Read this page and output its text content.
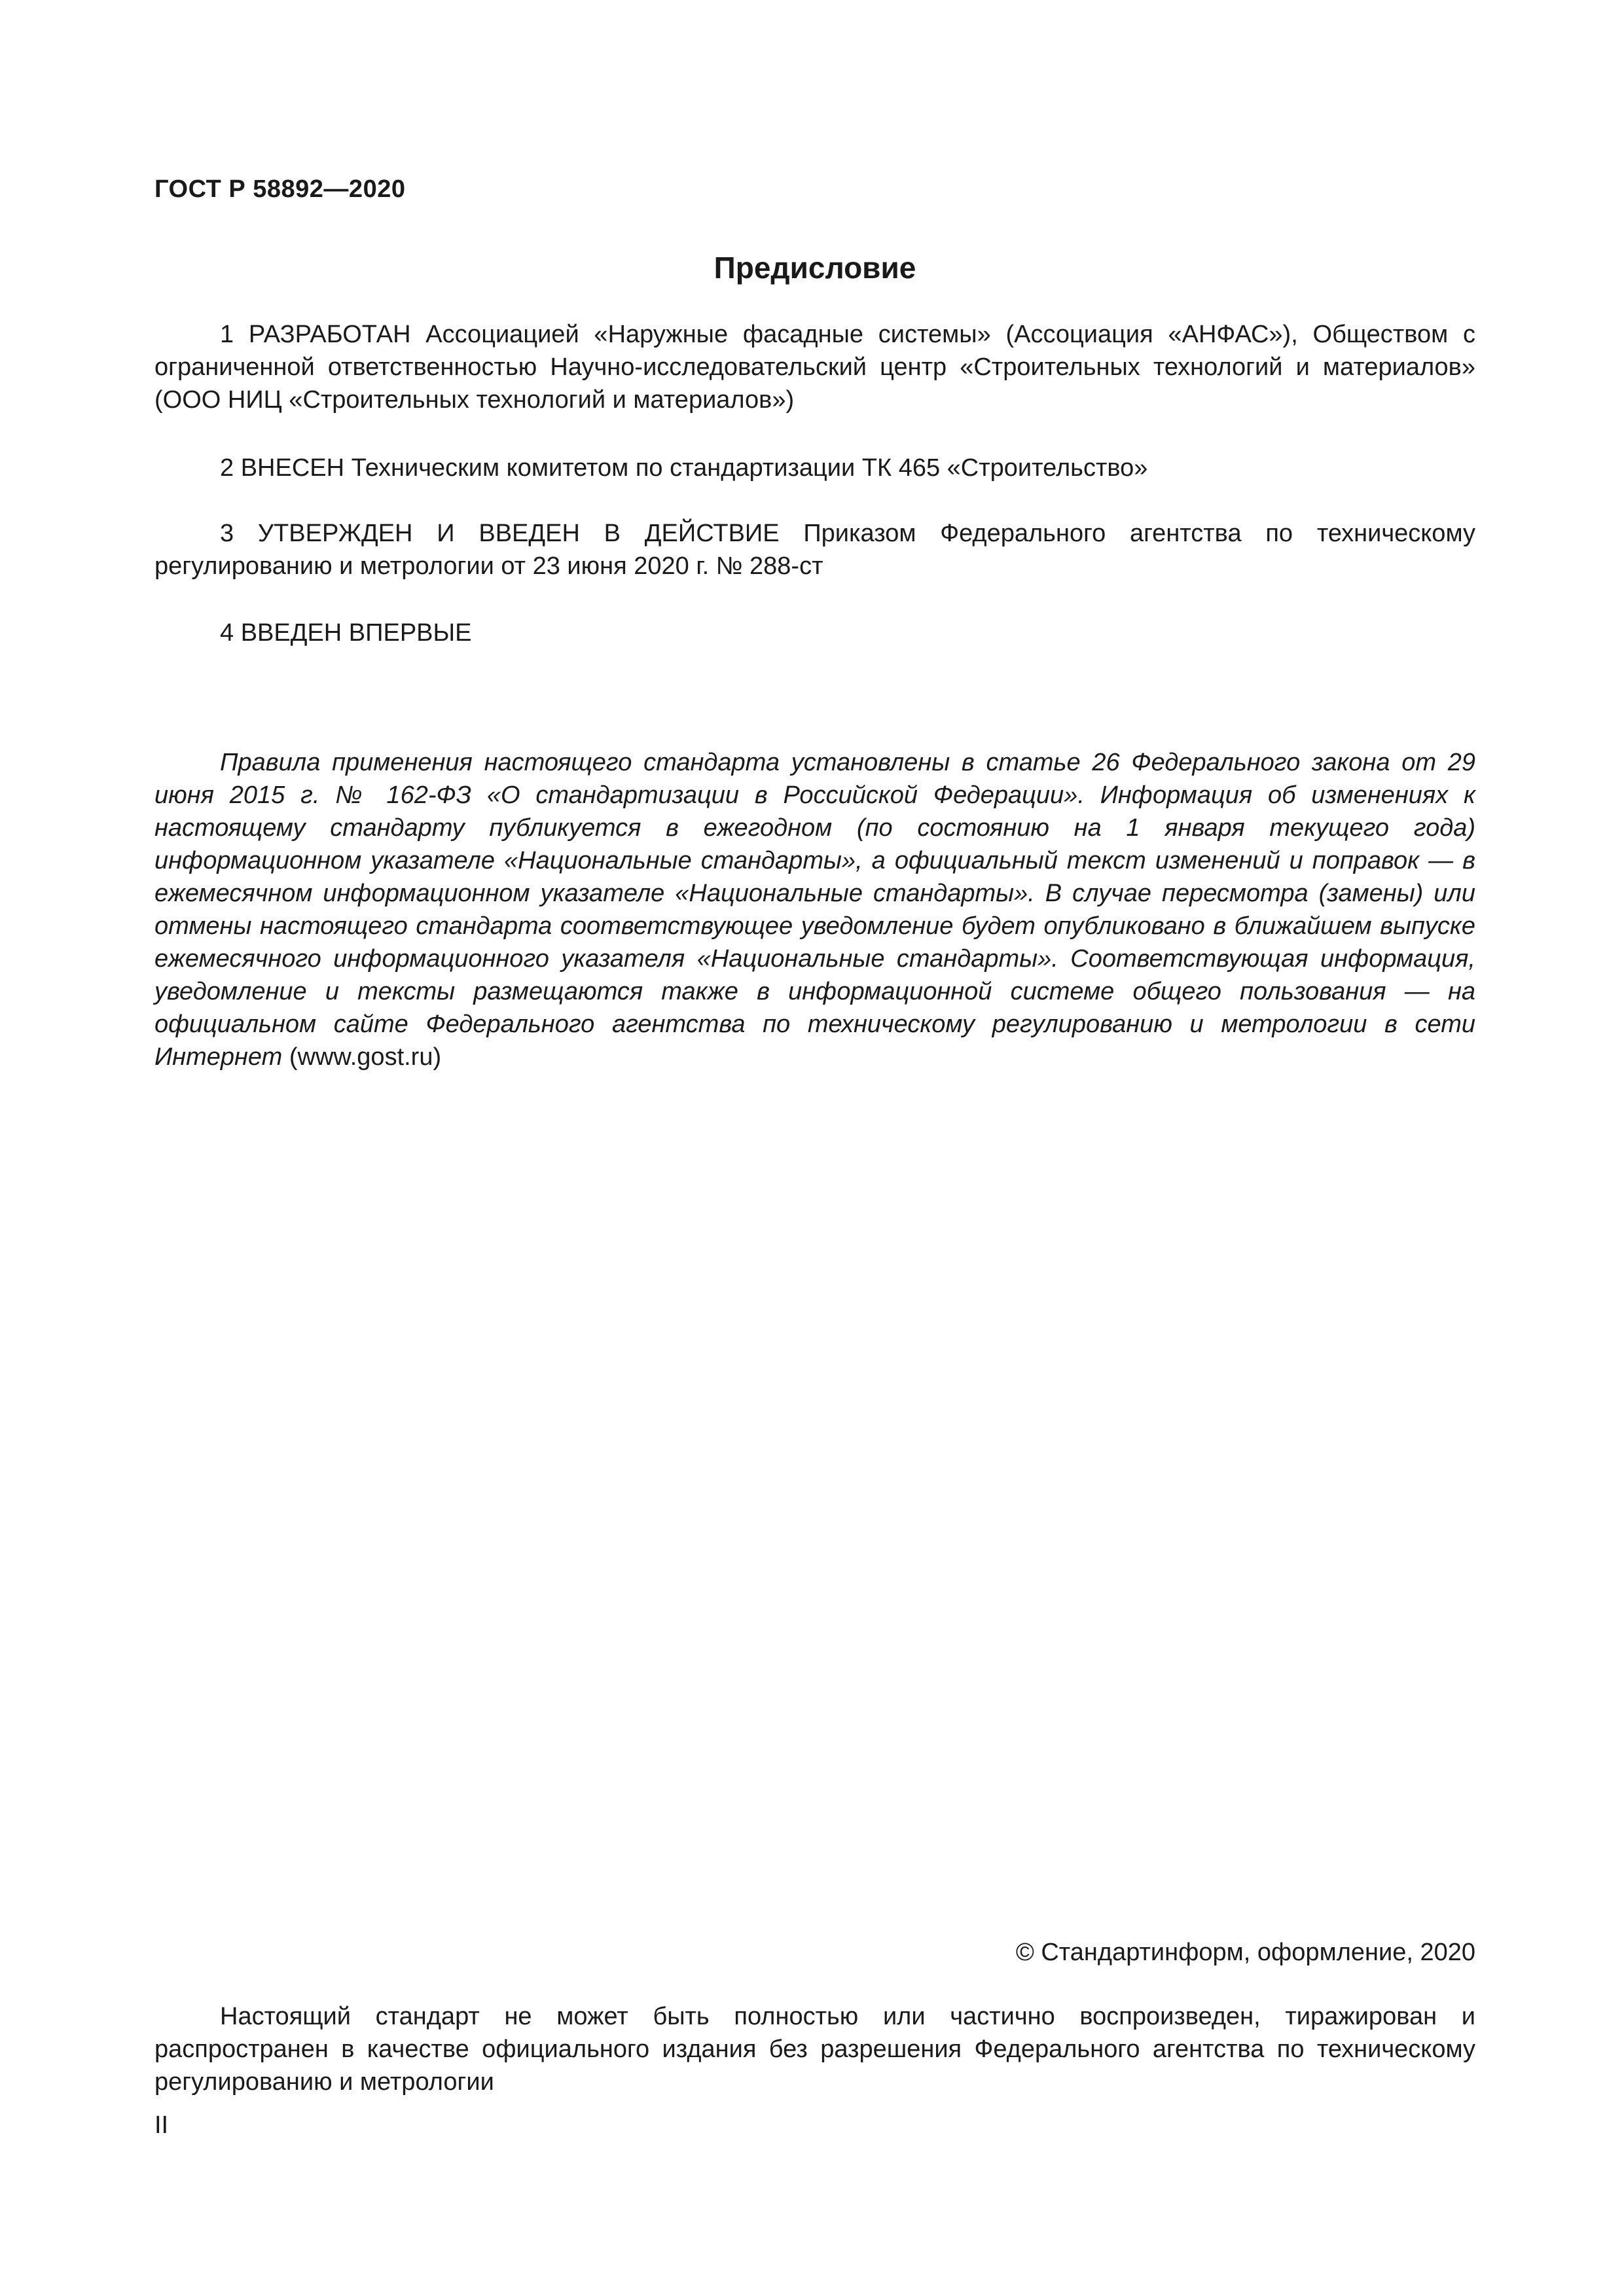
ГОСТ Р 58892—2020
Предисловие

1 РАЗРАБОТАН Ассоциацией «Наружные фасадные системы» (Ассоциация «АНФАС»), Обществом с ограниченной ответственностью Научно-исследовательский центр «Строительных технологий и материалов» (ООО НИЦ «Строительных технологий и материалов»)

2 ВНЕСЕН Техническим комитетом по стандартизации ТК 465 «Строительство»

3 УТВЕРЖДЕН И ВВЕДЕН В ДЕЙСТВИЕ Приказом Федерального агентства по техническому регулированию и метрологии от 23 июня 2020 г. № 288-ст

4 ВВЕДЕН ВПЕРВЫЕ

Правила применения настоящего стандарта установлены в статье 26 Федерального закона от 29 июня 2015 г. № 162-ФЗ «О стандартизации в Российской Федерации». Информация об изменениях к настоящему стандарту публикуется в ежегодном (по состоянию на 1 января текущего года) информационном указателе «Национальные стандарты», а официальный текст изменений и поправок — в ежемесячном информационном указателе «Национальные стандарты». В случае пересмотра (замены) или отмены настоящего стандарта соответствующее уведомление будет опубликовано в ближайшем выпуске ежемесячного информационного указателя «Национальные стандарты». Соответствующая информация, уведомление и тексты размещаются также в информационной системе общего пользования — на официальном сайте Федерального агентства по техническому регулированию и метрологии в сети Интернет (www.gost.ru)

© Стандартинформ, оформление, 2020

Настоящий стандарт не может быть полностью или частично воспроизведен, тиражирован и распространен в качестве официального издания без разрешения Федерального агентства по техническому регулированию и метрологии

II
